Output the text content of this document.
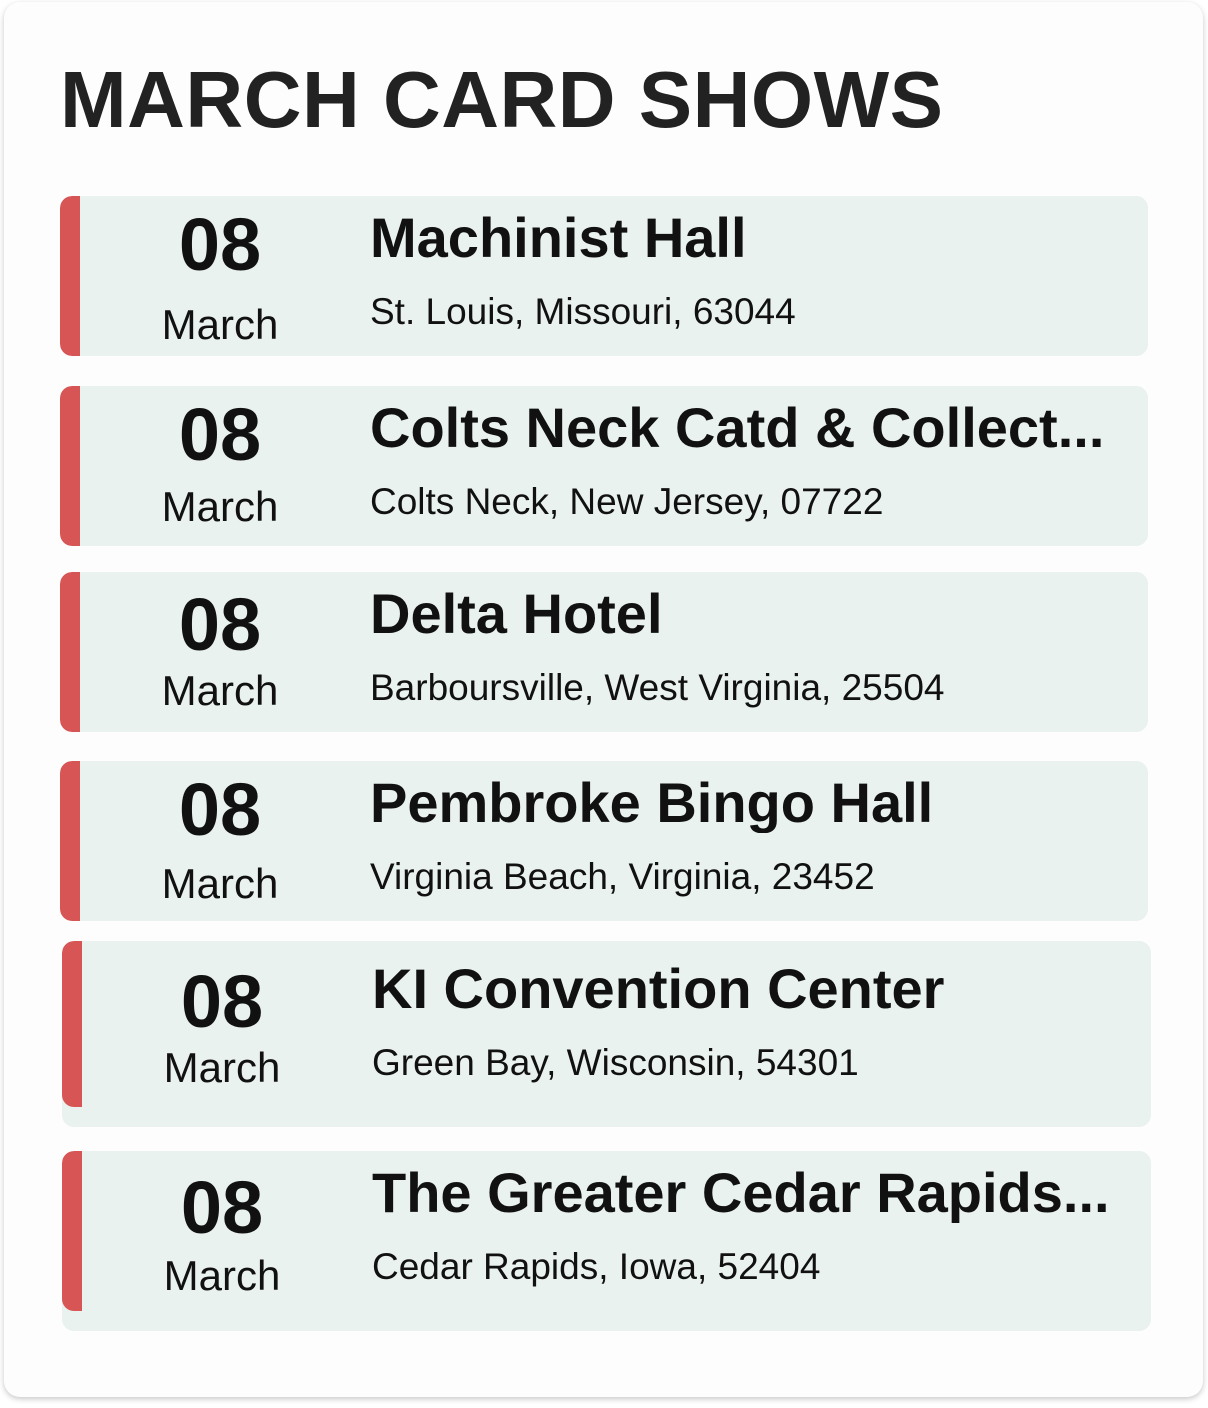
MARCH CARD SHOWS
08
March
Machinist Hall
St. Louis, Missouri, 63044
08
March
Colts Neck Catd & Collect...
Colts Neck, New Jersey, 07722
08
March
Delta Hotel
Barboursville, West Virginia, 25504
08
March
Pembroke Bingo Hall
Virginia Beach, Virginia, 23452
08
March
KI Convention Center
Green Bay, Wisconsin, 54301
08
March
The Greater Cedar Rapids...
Cedar Rapids, Iowa, 52404
